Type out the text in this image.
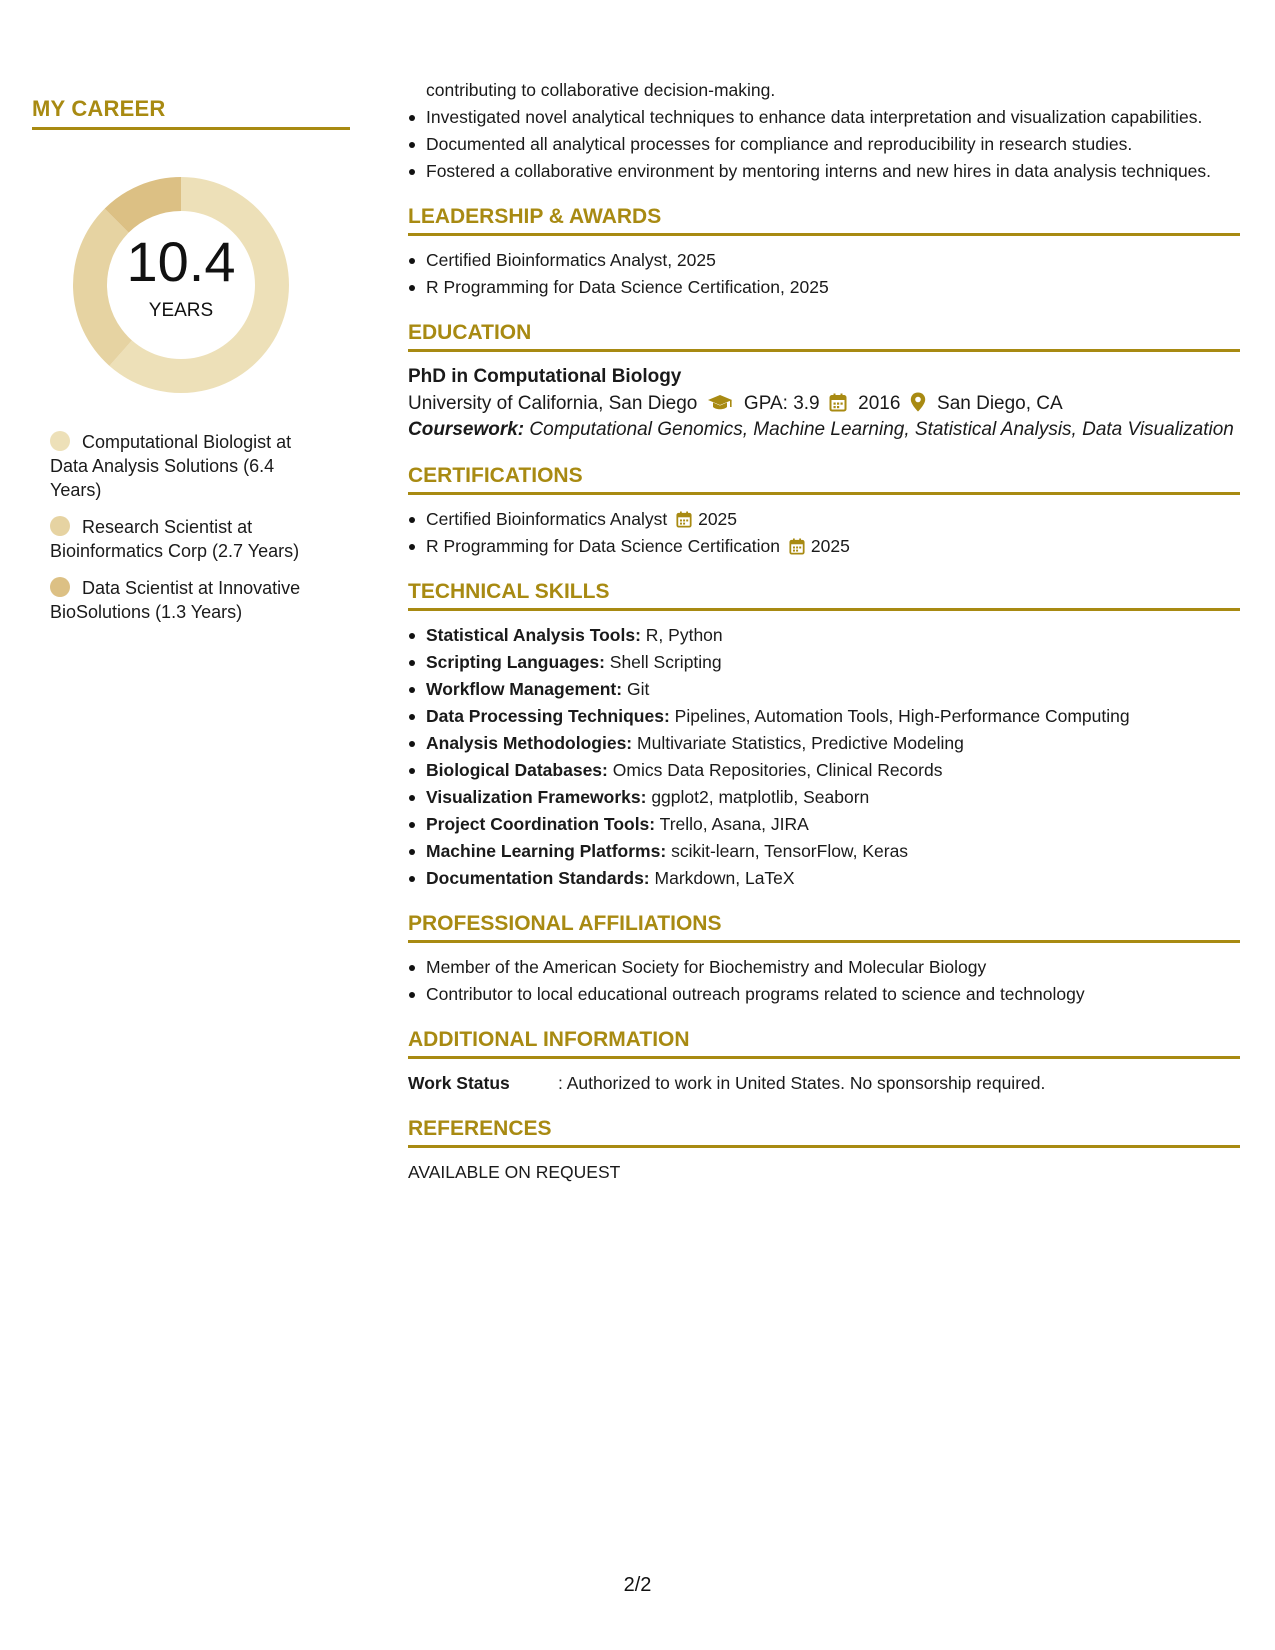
MY CAREER
10.4
YEARS
Computational Biologist at Data Analysis Solutions (6.4 Years)
Research Scientist at Bioinformatics Corp (2.7 Years)
Data Scientist at Innovative BioSolutions (1.3 Years)
contributing to collaborative decision-making.
Investigated novel analytical techniques to enhance data interpretation and visualization capabilities.
Documented all analytical processes for compliance and reproducibility in research studies.
Fostered a collaborative environment by mentoring interns and new hires in data analysis techniques.
LEADERSHIP & AWARDS
Certified Bioinformatics Analyst, 2025
R Programming for Data Science Certification, 2025
EDUCATION
PhD in Computational Biology
University of California, San Diego GPA: 3.9 2016 San Diego, CA
Coursework: Computational Genomics, Machine Learning, Statistical Analysis, Data Visualization
CERTIFICATIONS
Certified Bioinformatics Analyst 2025
R Programming for Data Science Certification 2025
TECHNICAL SKILLS
Statistical Analysis Tools: R, Python
Scripting Languages: Shell Scripting
Workflow Management: Git
Data Processing Techniques: Pipelines, Automation Tools, High-Performance Computing
Analysis Methodologies: Multivariate Statistics, Predictive Modeling
Biological Databases: Omics Data Repositories, Clinical Records
Visualization Frameworks: ggplot2, matplotlib, Seaborn
Project Coordination Tools: Trello, Asana, JIRA
Machine Learning Platforms: scikit-learn, TensorFlow, Keras
Documentation Standards: Markdown, LaTeX
PROFESSIONAL AFFILIATIONS
Member of the American Society for Biochemistry and Molecular Biology
Contributor to local educational outreach programs related to science and technology
ADDITIONAL INFORMATION
Work Status	: Authorized to work in United States. No sponsorship required.
REFERENCES
AVAILABLE ON REQUEST
2/2
